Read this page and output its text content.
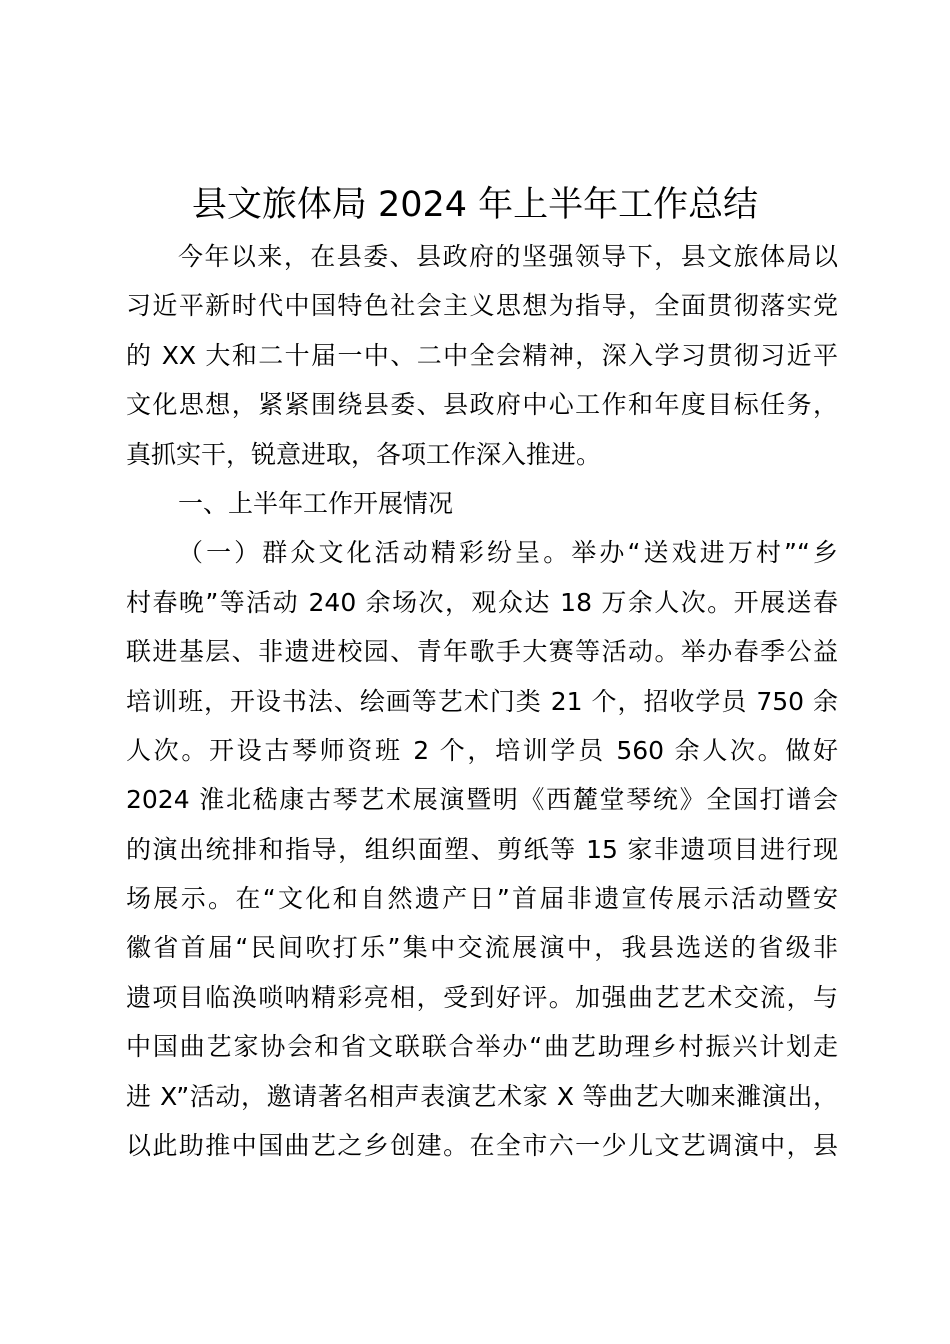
县文旅体局 2024 年上半年工作总结
今年以来，在县委、县政府的坚强领导下，县文旅体局以
习近平新时代中国特色社会主义思想为指导，全面贯彻落实党
的 XX 大和二十届一中、二中全会精神，深入学习贯彻习近平
文化思想，紧紧围绕县委、县政府中心工作和年度目标任务，
真抓实干，锐意进取，各项工作深入推进。
一、上半年工作开展情况
（一）群众文化活动精彩纷呈。举办“送戏进万村”“乡
村春晚”等活动 240 余场次，观众达 18 万余人次。开展送春
联进基层、非遗进校园、青年歌手大赛等活动。举办春季公益
培训班，开设书法、绘画等艺术门类 21 个，招收学员 750 余
人次。开设古琴师资班 2 个，培训学员 560 余人次。做好
2024 淮北嵇康古琴艺术展演暨明《西麓堂琴统》全国打谱会
的演出统排和指导，组织面塑、剪纸等 15 家非遗项目进行现
场展示。在“文化和自然遗产日”首届非遗宣传展示活动暨安
徽省首届“民间吹打乐”集中交流展演中，我县选送的省级非
遗项目临涣唢呐精彩亮相，受到好评。加强曲艺艺术交流，与
中国曲艺家协会和省文联联合举办“曲艺助理乡村振兴计划走
进 X”活动，邀请著名相声表演艺术家 X 等曲艺大咖来濉演出，
以此助推中国曲艺之乡创建。在全市六一少儿文艺调演中，县
